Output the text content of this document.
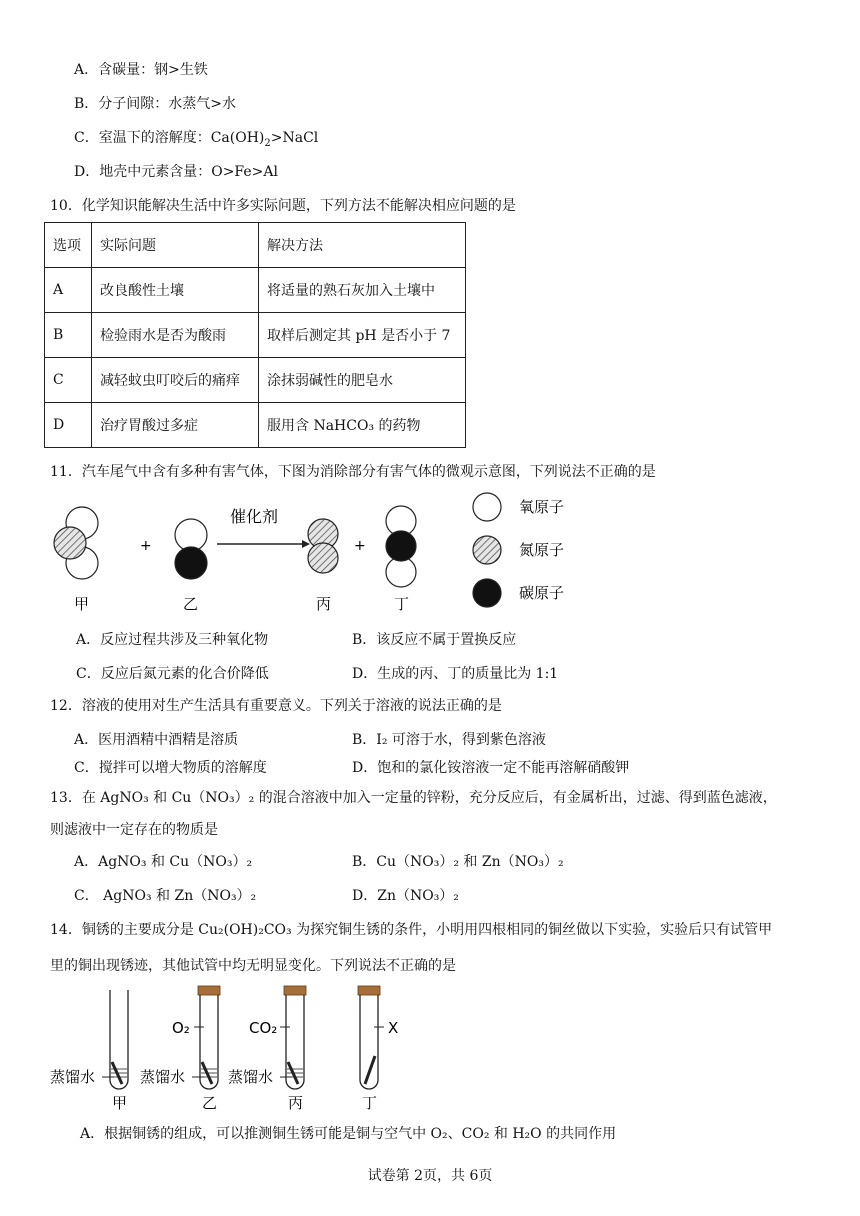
A．含碳量：钢>生铁
B．分子间隙：水蒸气>水
C．室温下的溶解度：$Ca(OH)_2>NaCl$
D．地壳中元素含量：O>Fe>Al
10．化学知识能解决生活中许多实际问题，下列方法不能解决相应问题的是
选项	实际问题	解决方法
A	改良酸性土壤	将适量的熟石灰加入土壤中
B	检验雨水是否为酸雨	取样后测定其 pH 是否小于 7
C	减轻蚊虫叮咬后的痛痒	涂抹弱碱性的肥皂水
D	治疗胃酸过多症	服用含 NaHCO₃ 的药物
11．汽车尾气中含有多种有害气体，下图为消除部分有害气体的微观示意图，下列说法不正确的是
+
催化剂
+
甲	乙	丙	丁
氧原子
氮原子
碳原子
A．反应过程共涉及三种氧化物	B．该反应不属于置换反应
C．反应后氮元素的化合价降低	D．生成的丙、丁的质量比为 1:1
12．溶液的使用对生产生活具有重要意义。下列关于溶液的说法正确的是
A．医用酒精中酒精是溶质	B．I₂ 可溶于水，得到紫色溶液
C．搅拌可以增大物质的溶解度	D．饱和的氯化铵溶液一定不能再溶解硝酸钾
13．在 AgNO₃ 和 Cu（NO₃）₂ 的混合溶液中加入一定量的锌粉，充分反应后，有金属析出，过滤、得到蓝色滤液，
则滤液中一定存在的物质是
A．AgNO₃ 和 Cu（NO₃）₂	B．Cu（NO₃）₂ 和 Zn（NO₃）₂
C． AgNO₃ 和 Zn（NO₃）₂	D．Zn（NO₃）₂
14．铜锈的主要成分是 Cu₂(OH)₂CO₃ 为探究铜生锈的条件，小明用四根相同的铜丝做以下实验，实验后只有试管甲
里的铜出现锈迹，其他试管中均无明显变化。下列说法不正确的是
蒸馏水	蒸馏水	蒸馏水
O₂	CO₂	X
甲	乙	丙	丁
A．根据铜锈的组成，可以推测铜生锈可能是铜与空气中 O₂、CO₂ 和 H₂O 的共同作用
试卷第 2页，共 6页
